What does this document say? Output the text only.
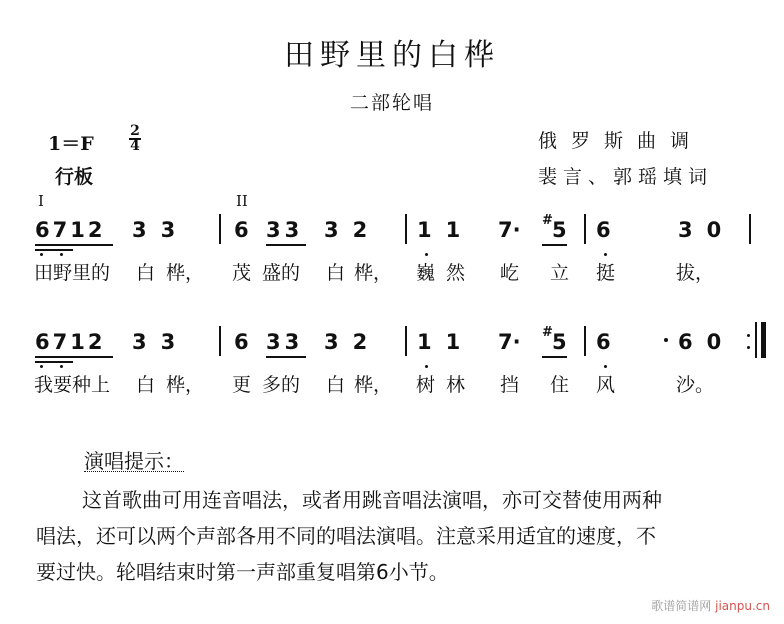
田野里的白桦
二部轮唱
1＝F
2
4
行板
俄罗斯曲调
裴言、郭瑶填词
I	II
6712 33 6 33 32 11 7· # 5 6	30
田野里的 白 桦， 茂 盛的 白 桦， 巍 然 屹 立 挺	拔，
6712 33 6 33 32 11 7· # 5 6	60
我要种上 白 桦， 更 多的 白 桦， 树 林 挡 住 风	沙。
演唱提示：
这首歌曲可用连音唱法，或者用跳音唱法演唱，亦可交替使用两种
唱法，还可以两个声部各用不同的唱法演唱。注意采用适宜的速度，不
要过快。轮唱结束时第一声部重复唱第6小节。
歌谱简谱网 jianpu.cn
